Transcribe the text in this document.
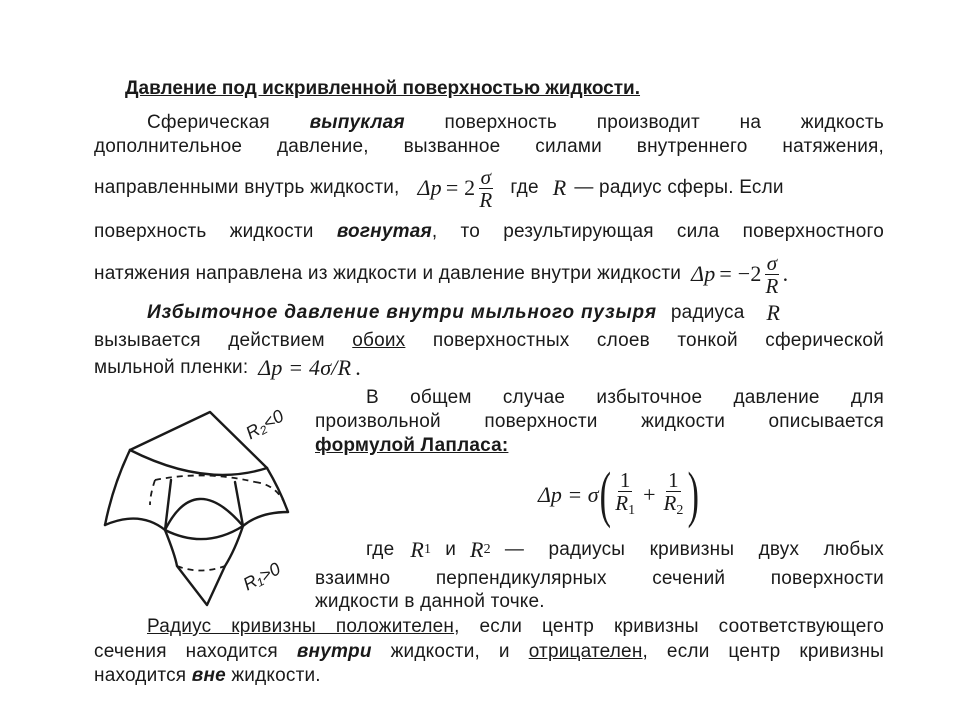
Давление под искривленной поверхностью жидкости.
Сферическая выпуклая поверхность производит на жидкость
дополнительное давление, вызванное силами внутреннего натяжения,
направленными внутрь жидкости, $\Delta p = 2 \frac{\sigma}{R}$ где R — радиус сферы. Если
поверхность жидкости вогнутая, то результирующая сила поверхностного
натяжения направлена из жидкости и давление внутри жидкости $\Delta p = -2 \frac{\sigma}{R}$ .
Избыточное давление внутри мыльного пузыря радиуса R
вызывается действием обоих поверхностных слоев тонкой сферической
мыльной пленки: Δp = 4σ/R .
В общем случае избыточное давление для
произвольной поверхности жидкости описывается
формулой Лапласа:
Δp = σ ( $\frac{1}{R_1} + \frac{1}{R_2}$ )
где R 1 и R 2 — радиусы кривизны двух любых
взаимно перпендикулярных сечений поверхности
жидкости в данной точке.
Радиус кривизны положителен, если центр кривизны соответствующего
сечения находится внутри жидкости, и отрицателен, если центр кривизны
находится вне жидкости.
R₂<0
R₁>0
